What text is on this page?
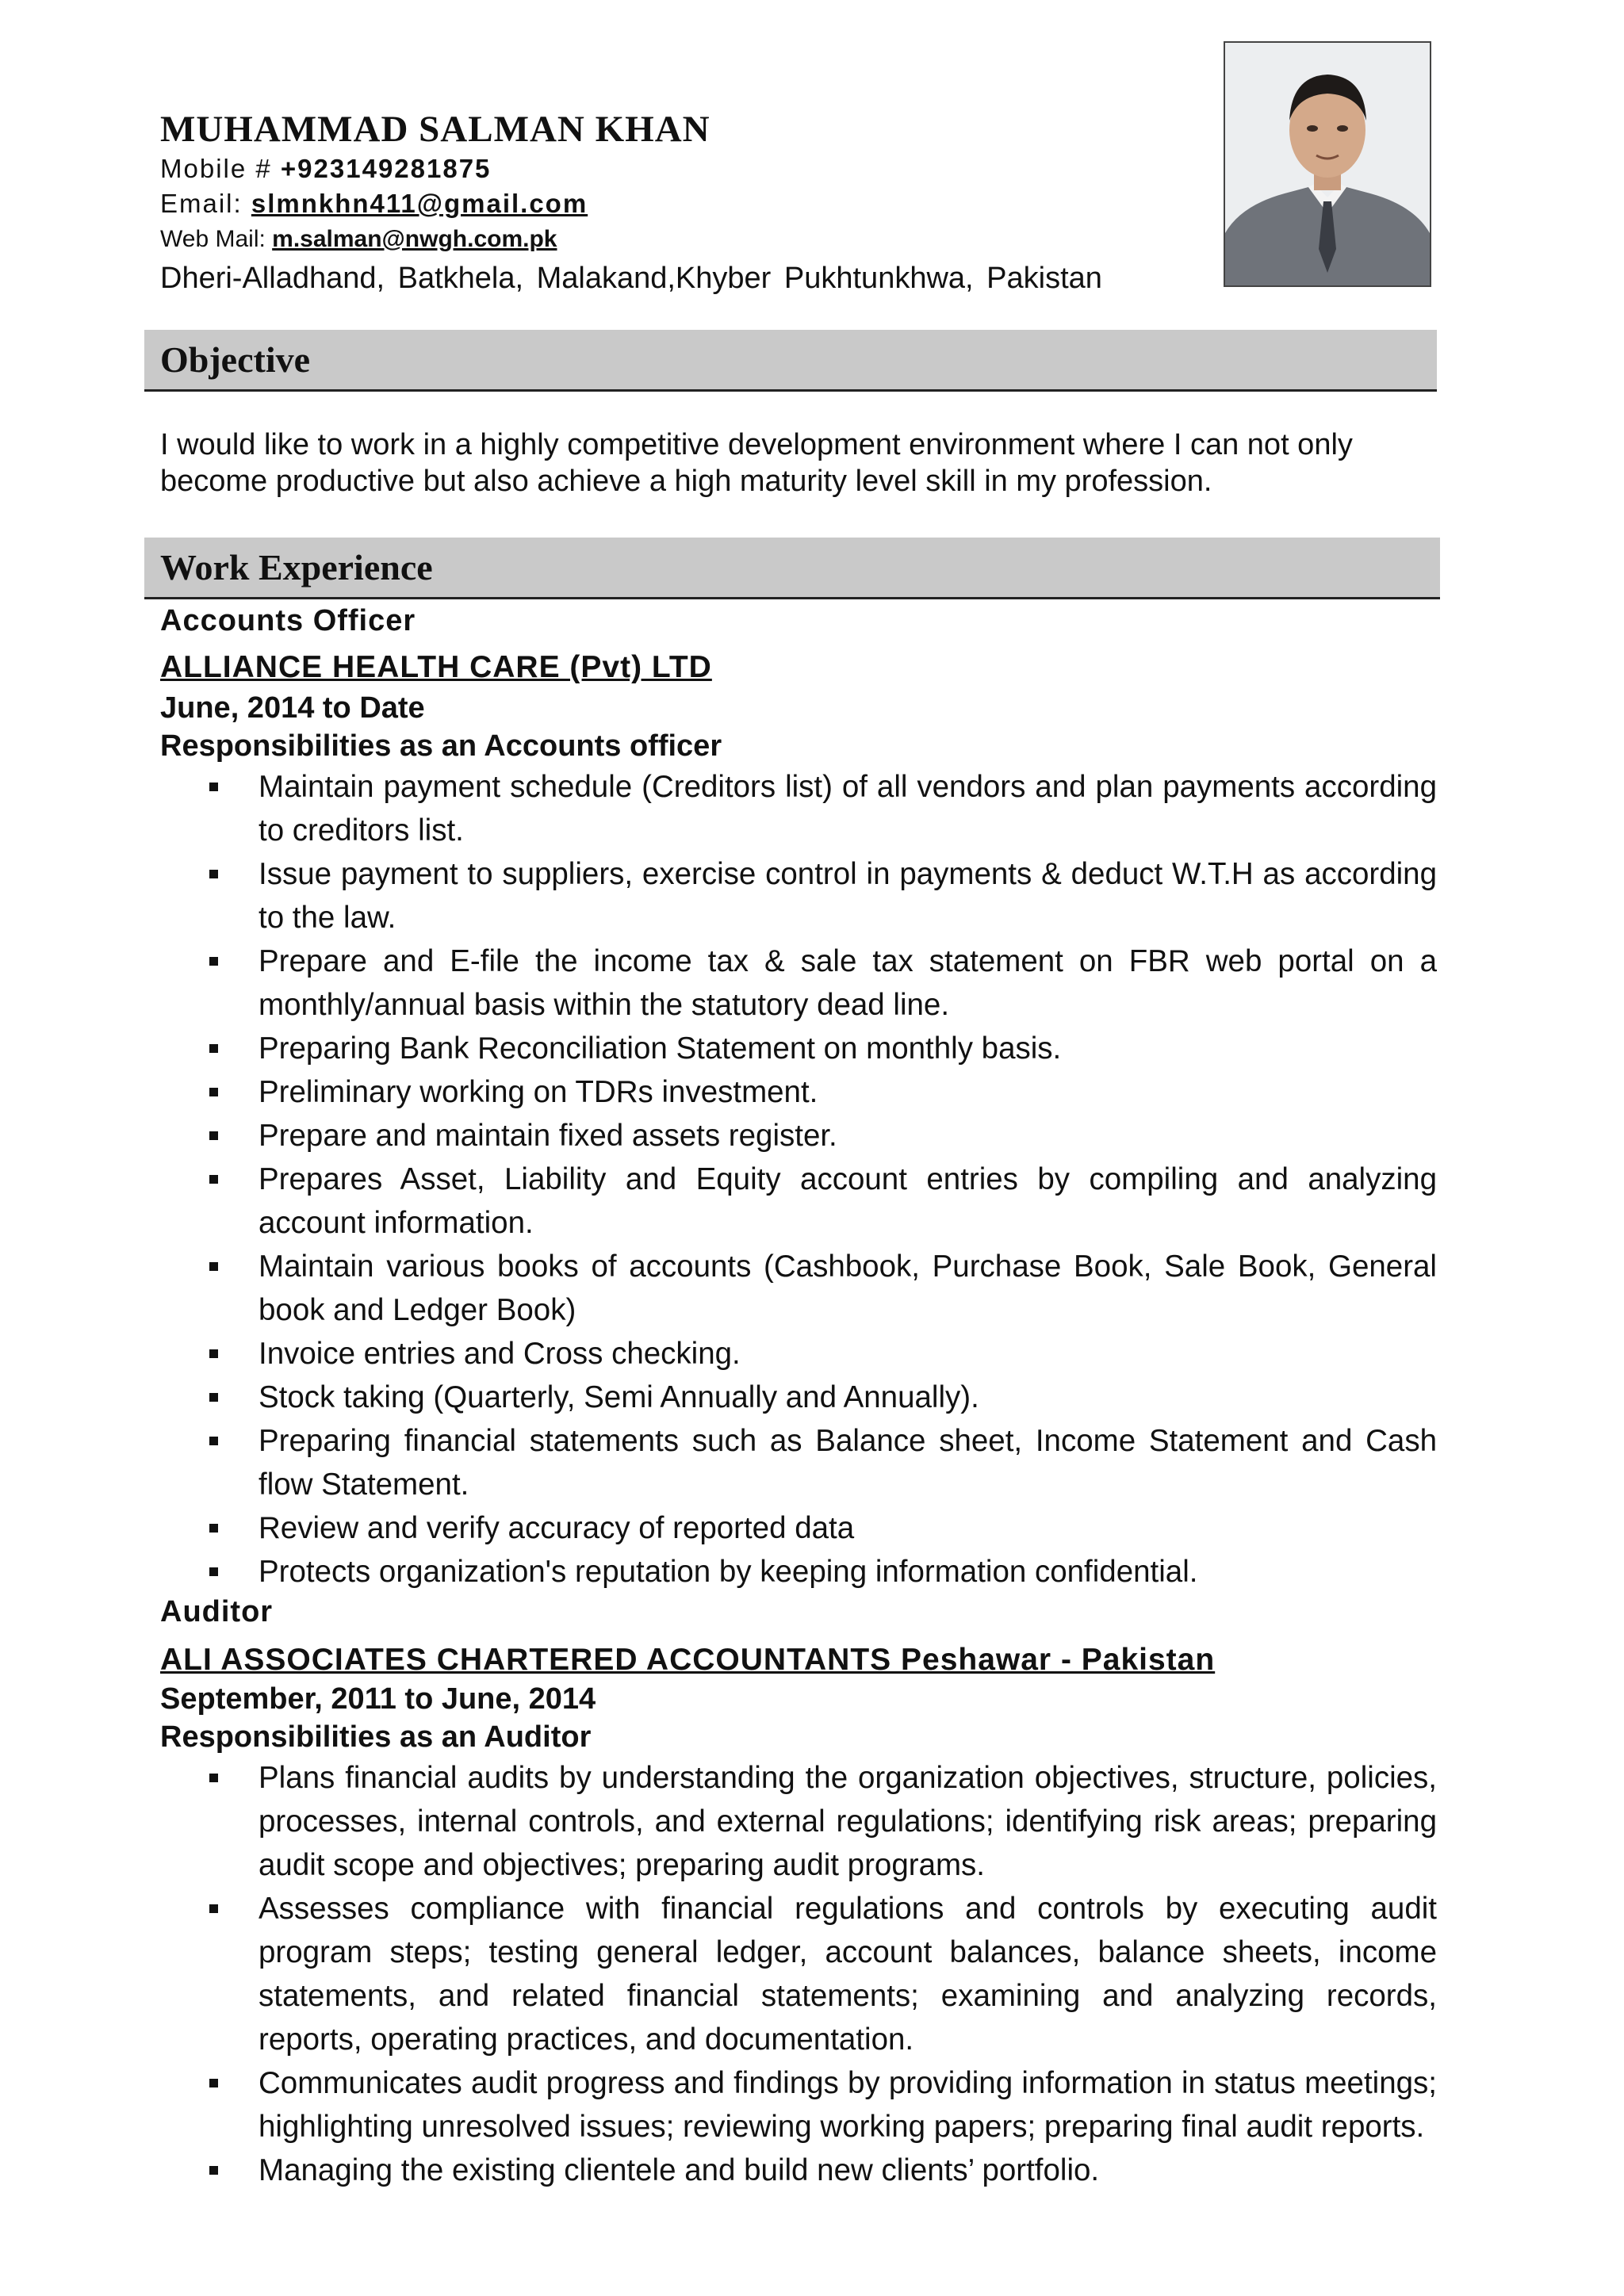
MUHAMMAD SALMAN KHAN
Mobile # +923149281875
Email: slmnkhn411@gmail.com
Web Mail: m.salman@nwgh.com.pk
Dheri-Alladhand, Batkhela, Malakand,Khyber Pukhtunkhwa, Pakistan
Objective
I would like to work in a highly competitive development environment where I can not only become productive but also achieve a high maturity level skill in my profession.
Work Experience
Accounts Officer
ALLIANCE HEALTH CARE (Pvt) LTD
June, 2014 to Date
Responsibilities as an Accounts officer
Maintain payment schedule (Creditors list) of all vendors and plan payments according to creditors list.
Issue payment to suppliers, exercise control in payments & deduct W.T.H as according to the law.
Prepare and E-file the income tax & sale tax statement on FBR web portal on a monthly/annual basis within the statutory dead line.
Preparing Bank Reconciliation Statement on monthly basis.
Preliminary working on TDRs investment.
Prepare and maintain fixed assets register.
Prepares Asset, Liability and Equity account entries by compiling and analyzing account information.
Maintain various books of accounts (Cashbook, Purchase Book, Sale Book, General book and Ledger Book)
Invoice entries and Cross checking.
Stock taking (Quarterly, Semi Annually and Annually).
Preparing financial statements such as Balance sheet, Income Statement and Cash flow Statement.
Review and verify accuracy of reported data
Protects organization's reputation by keeping information confidential.
Auditor
ALI ASSOCIATES CHARTERED ACCOUNTANTS Peshawar - Pakistan
September, 2011 to June, 2014
Responsibilities as an Auditor
Plans financial audits by understanding the organization objectives, structure, policies, processes, internal controls, and external regulations; identifying risk areas; preparing audit scope and objectives; preparing audit programs.
Assesses compliance with financial regulations and controls by executing audit program steps; testing general ledger, account balances, balance sheets, income statements, and related financial statements; examining and analyzing records, reports, operating practices, and documentation.
Communicates audit progress and findings by providing information in status meetings; highlighting unresolved issues; reviewing working papers; preparing final audit reports.
Managing the existing clientele and build new clients’ portfolio.
